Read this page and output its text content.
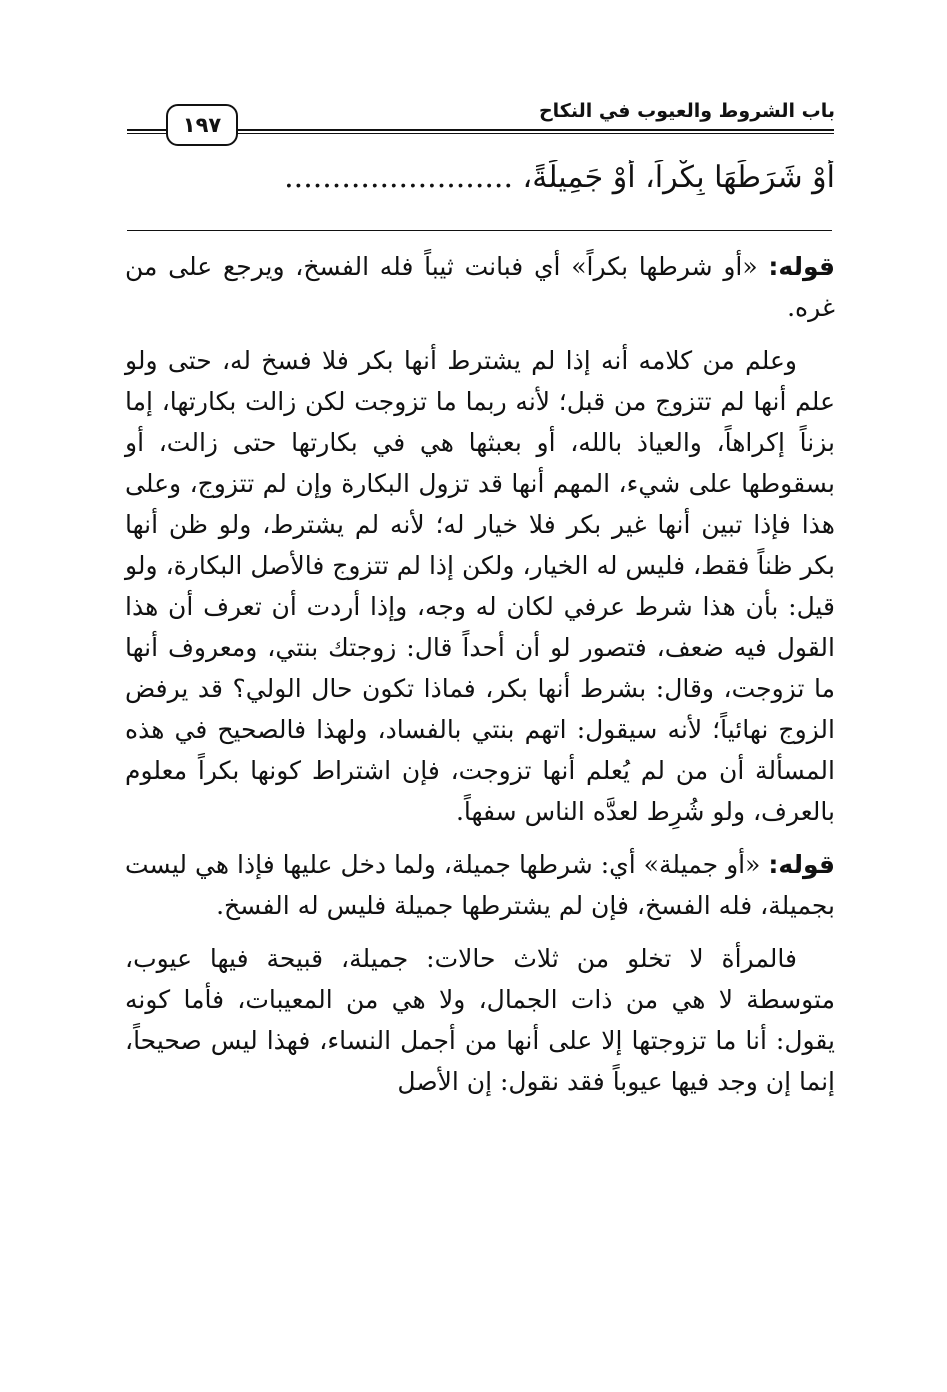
باب الشروط والعيوب في النكاح
١٩٧
أَوْ شَرَطَهَا بِكْراً، أَوْ جَمِيلَةً، ........................

قوله: «أو شرطها بكراً» أي فبانت ثيباً فله الفسخ، ويرجع على من غره.

وعلم من كلامه أنه إذا لم يشترط أنها بكر فلا فسخ له، حتى ولو علم أنها لم تتزوج من قبل؛ لأنه ربما ما تزوجت لكن زالت بكارتها، إما بزناً إكراهاً، والعياذ بالله، أو بعبثها هي في بكارتها حتى زالت، أو بسقوطها على شيء، المهم أنها قد تزول البكارة وإن لم تتزوج، وعلى هذا فإذا تبين أنها غير بكر فلا خيار له؛ لأنه لم يشترط، ولو ظن أنها بكر ظناً فقط، فليس له الخيار، ولكن إذا لم تتزوج فالأصل البكارة، ولو قيل: بأن هذا شرط عرفي لكان له وجه، وإذا أردت أن تعرف أن هذا القول فيه ضعف، فتصور لو أن أحداً قال: زوجتك بنتي، ومعروف أنها ما تزوجت، وقال: بشرط أنها بكر، فماذا تكون حال الولي؟ قد يرفض الزوج نهائياً؛ لأنه سيقول: اتهم بنتي بالفساد، ولهذا فالصحيح في هذه المسألة أن من لم يُعلم أنها تزوجت، فإن اشتراط كونها بكراً معلوم بالعرف، ولو شُرِط لعدَّه الناس سفهاً.

قوله: «أو جميلة» أي: شرطها جميلة، ولما دخل عليها فإذا هي ليست بجميلة، فله الفسخ، فإن لم يشترطها جميلة فليس له الفسخ.

فالمرأة لا تخلو من ثلاث حالات: جميلة، قبيحة فيها عيوب، متوسطة لا هي من ذات الجمال، ولا هي من المعيبات، فأما كونه يقول: أنا ما تزوجتها إلا على أنها من أجمل النساء، فهذا ليس صحيحاً، إنما إن وجد فيها عيوباً فقد نقول: إن الأصل
